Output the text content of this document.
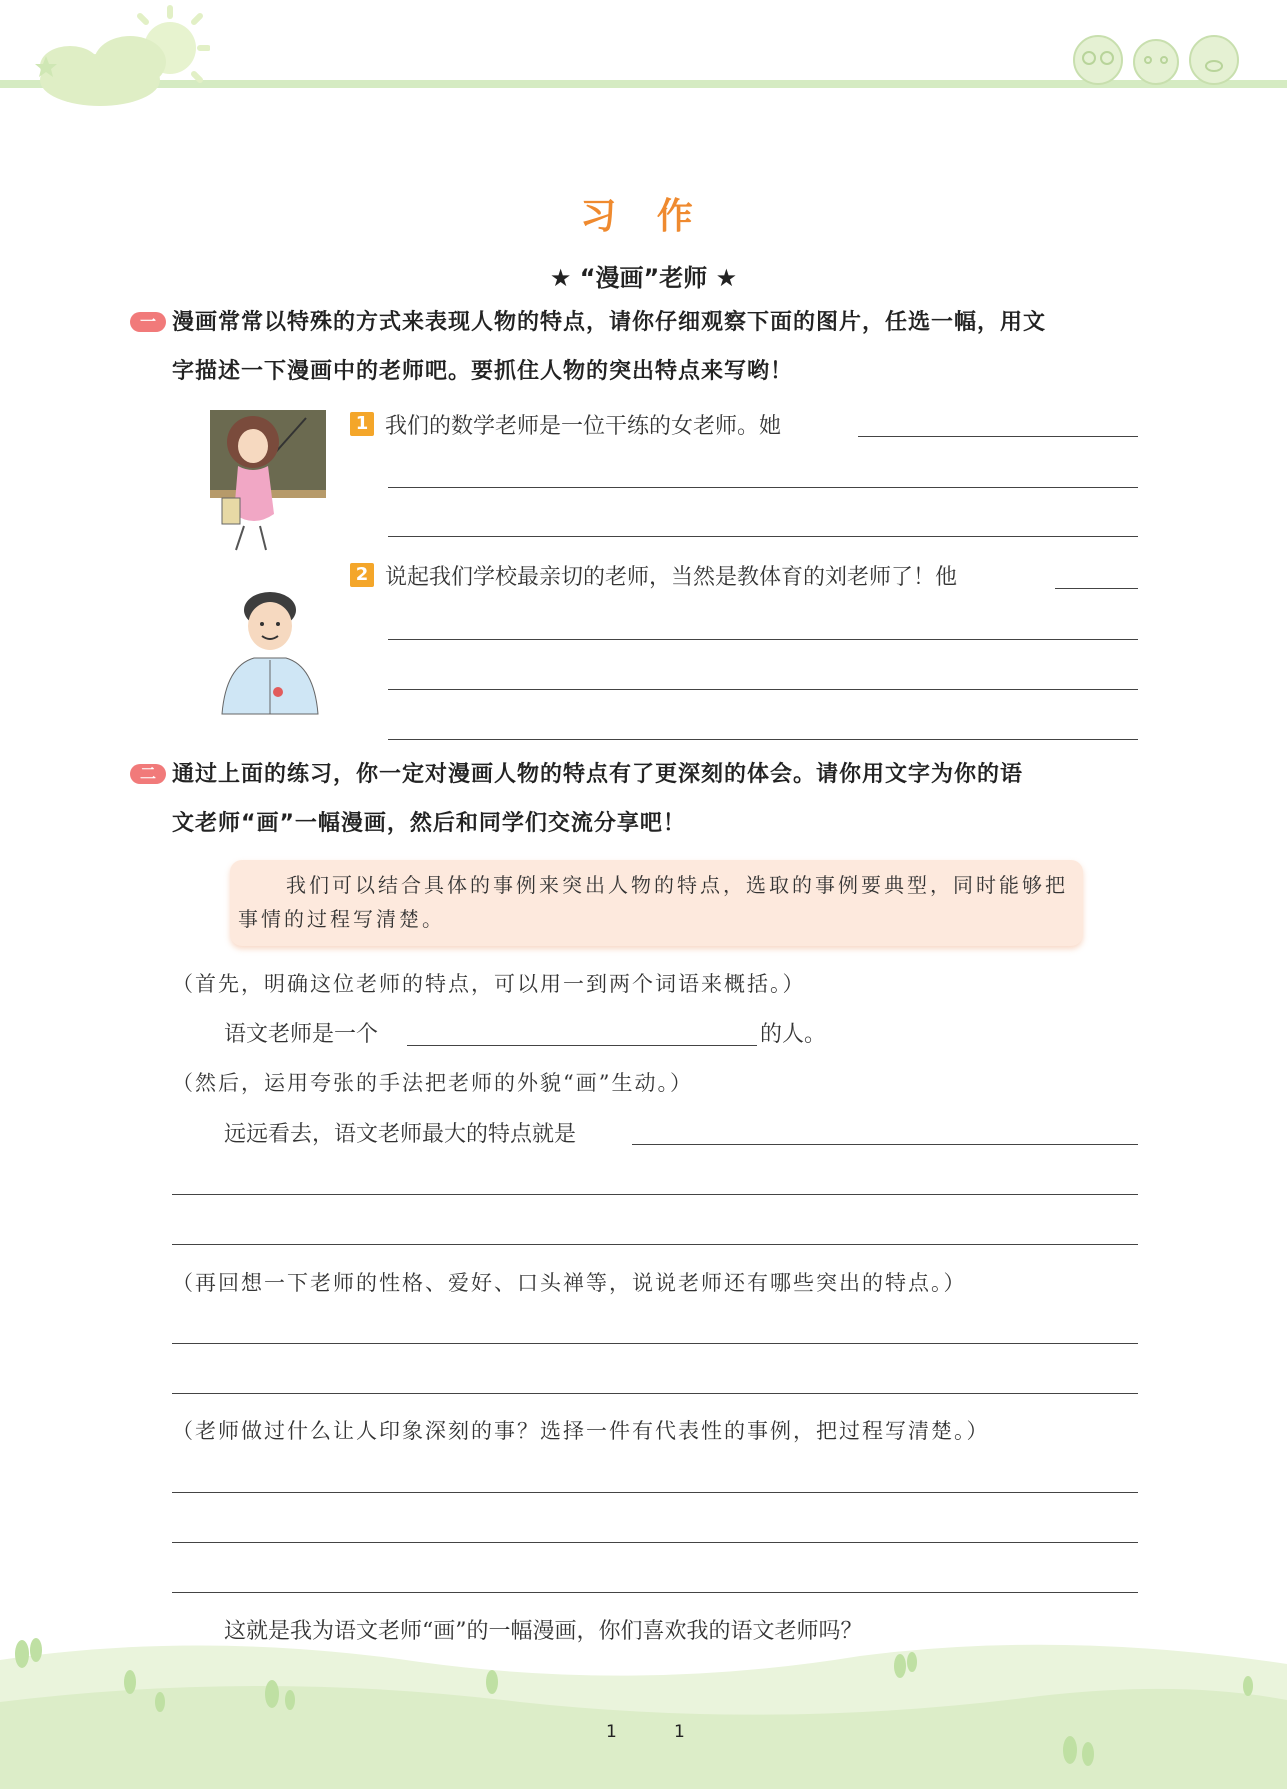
习 作
★ “漫画”老师 ★
一 漫画常常以特殊的方式来表现人物的特点，请你仔细观察下面的图片，任选一幅，用文
字描述一下漫画中的老师吧。要抓住人物的突出特点来写哟！
1 我们的数学老师是一位干练的女老师。她
2 说起我们学校最亲切的老师，当然是教体育的刘老师了！他
二 通过上面的练习，你一定对漫画人物的特点有了更深刻的体会。请你用文字为你的语
文老师“画”一幅漫画，然后和同学们交流分享吧！
我们可以结合具体的事例来突出人物的特点，选取的事例要典型，同时能够把事情的过程写清楚。
（首先，明确这位老师的特点，可以用一到两个词语来概括。）
语文老师是一个	的人。
（然后，运用夸张的手法把老师的外貌“画”生动。）
远远看去，语文老师最大的特点就是
（再回想一下老师的性格、爱好、口头禅等，说说老师还有哪些突出的特点。）
（老师做过什么让人印象深刻的事？选择一件有代表性的事例，把过程写清楚。）
这就是我为语文老师“画”的一幅漫画，你们喜欢我的语文老师吗？
1	1
